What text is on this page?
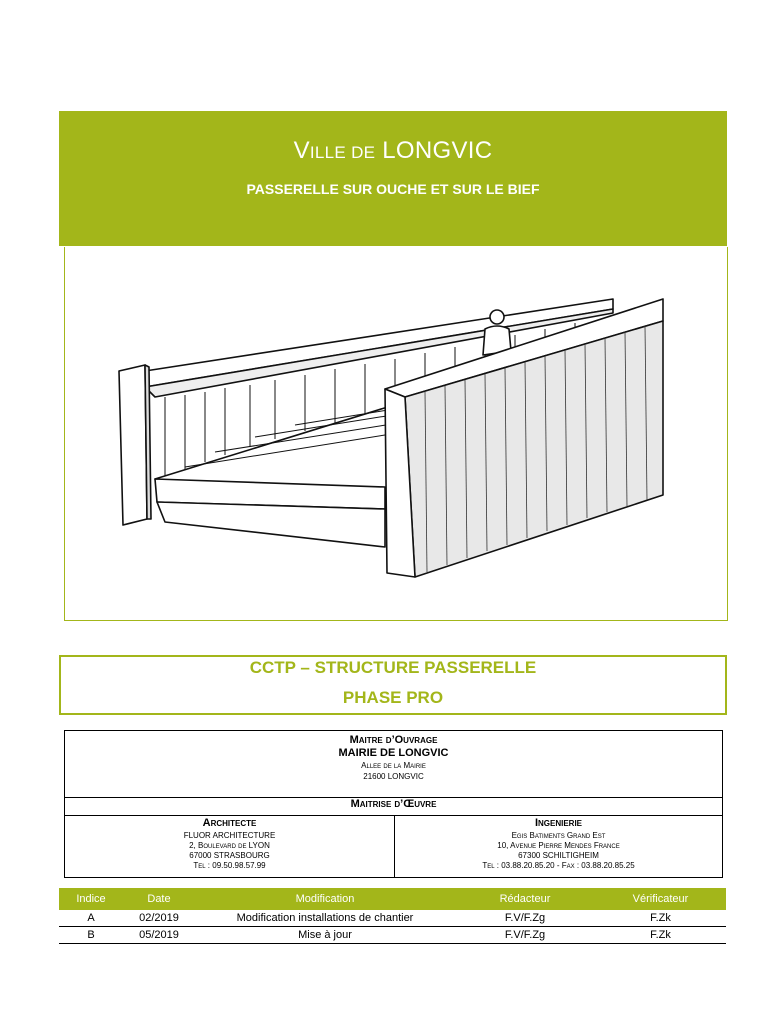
VILLE DE LONGVIC
PASSERELLE SUR OUCHE ET SUR LE BIEF
CCTP – STRUCTURE PASSERELLE
PHASE PRO
Maitre d’Ouvrage
MAIRIE DE LONGVIC
Allee de la Mairie
21600 LONGVIC
Maitrise d’Œuvre
Architecte
FLUOR ARCHITECTURE
2, Boulevard de LYON
67000 STRASBOURG
Tel : 09.50.98.57.99
Ingenierie
Egis Batiments Grand Est
10, Avenue Pierre Mendes France
67300 SCHILTIGHEIM
Tel : 03.88.20.85.20 - Fax : 03.88.20.85.25
Indice	Date	Modification	Rédacteur	Vérificateur
A	02/2019	Modification installations de chantier	F.V/F.Zg	F.Zk
B	05/2019	Mise à jour	F.V/F.Zg	F.Zk
